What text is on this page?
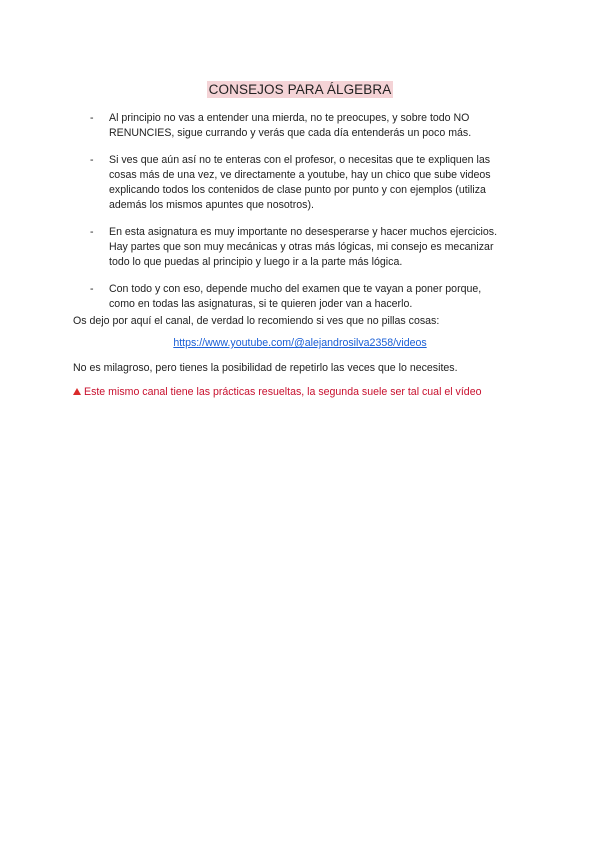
CONSEJOS PARA ÁLGEBRA
- Al principio no vas a entender una mierda, no te preocupes, y sobre todo NO
RENUNCIES, sigue currando y verás que cada día entenderás un poco más.
- Si ves que aún así no te enteras con el profesor, o necesitas que te expliquen las
cosas más de una vez, ve directamente a youtube, hay un chico que sube videos
explicando todos los contenidos de clase punto por punto y con ejemplos (utiliza
además los mismos apuntes que nosotros).
- En esta asignatura es muy importante no desesperarse y hacer muchos ejercicios.
Hay partes que son muy mecánicas y otras más lógicas, mi consejo es mecanizar
todo lo que puedas al principio y luego ir a la parte más lógica.
- Con todo y con eso, depende mucho del examen que te vayan a poner porque,
como en todas las asignaturas, si te quieren joder van a hacerlo.
Os dejo por aquí el canal, de verdad lo recomiendo si ves que no pillas cosas:
https://www.youtube.com/@alejandrosilva2358/videos
No es milagroso, pero tienes la posibilidad de repetirlo las veces que lo necesites.
Este mismo canal tiene las prácticas resueltas, la segunda suele ser tal cual el vídeo
